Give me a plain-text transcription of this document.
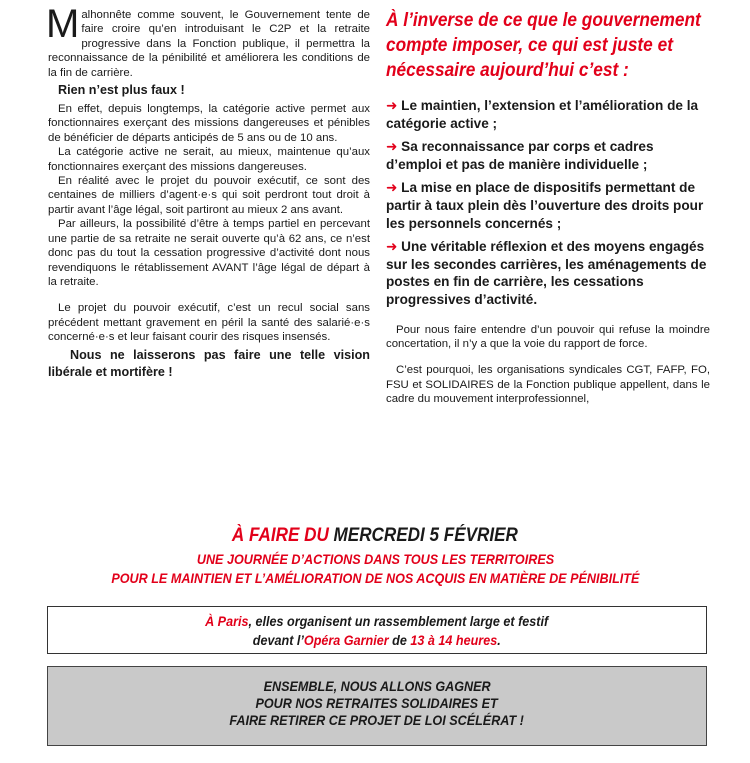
M alhonnête comme souvent, le Gouvernement tente de faire croire qu’en introduisant le C2P et la retraite progressive dans la Fonction publique, il permettra la reconnaissance de la pénibilité et améliorera les conditions de la fin de carrière.

Rien n’est plus faux !

En effet, depuis longtemps, la catégorie active permet aux fonctionnaires exerçant des missions dangereuses et pénibles de bénéficier de départs anticipés de 5 ans ou de 10 ans.

La catégorie active ne serait, au mieux, maintenue qu’aux fonctionnaires exerçant des missions dangereuses.

En réalité avec le projet du pouvoir exécutif, ce sont des centaines de milliers d’agent·e·s qui soit perdront tout droit à partir avant l’âge légal, soit partiront au mieux 2 ans avant.

Par ailleurs, la possibilité d’être à temps partiel en percevant une partie de sa retraite ne serait ouverte qu’à 62 ans, ce n’est donc pas du tout la cessation progressive d’activité dont nous revendiquons le rétablissement AVANT l’âge légal de départ à la retraite.

Le projet du pouvoir exécutif, c’est un recul social sans précédent mettant gravement en péril la santé des salarié·e·s concerné·e·s et leur faisant courir des risques insensés.

Nous ne laisserons pas faire une telle vision libérale et mortifère !

À l’inverse de ce que le gouvernement compte imposer, ce qui est juste et nécessaire aujourd’hui c’est :

➜ Le maintien, l’extension et l’amélioration de la catégorie active ;

➜ Sa reconnaissance par corps et cadres d’emploi et pas de manière individuelle ;

➜ La mise en place de dispositifs permettant de partir à taux plein dès l’ouverture des droits pour les personnels concernés ;

➜ Une véritable réflexion et des moyens engagés sur les secondes carrières, les aménagements de postes en fin de carrière, les cessations progressives d’activité.

Pour nous faire entendre d’un pouvoir qui refuse la moindre concertation, il n’y a que la voie du rapport de force.

C’est pourquoi, les organisations syndicales CGT, FAFP, FO, FSU et SOLIDAIRES de la Fonction publique appellent, dans le cadre du mouvement interprofessionnel,

À FAIRE DU MERCREDI 5 FÉVRIER
UNE JOURNÉE D’ACTIONS DANS TOUS LES TERRITOIRES
POUR LE MAINTIEN ET L’AMÉLIORATION DE NOS ACQUIS EN MATIÈRE DE PÉNIBILITÉ
À Paris, elles organisent un rassemblement large et festif
devant l’Opéra Garnier de 13 à 14 heures.
ENSEMBLE, NOUS ALLONS GAGNER
POUR NOS RETRAITES SOLIDAIRES ET
FAIRE RETIRER CE PROJET DE LOI SCÉLÉRAT !
